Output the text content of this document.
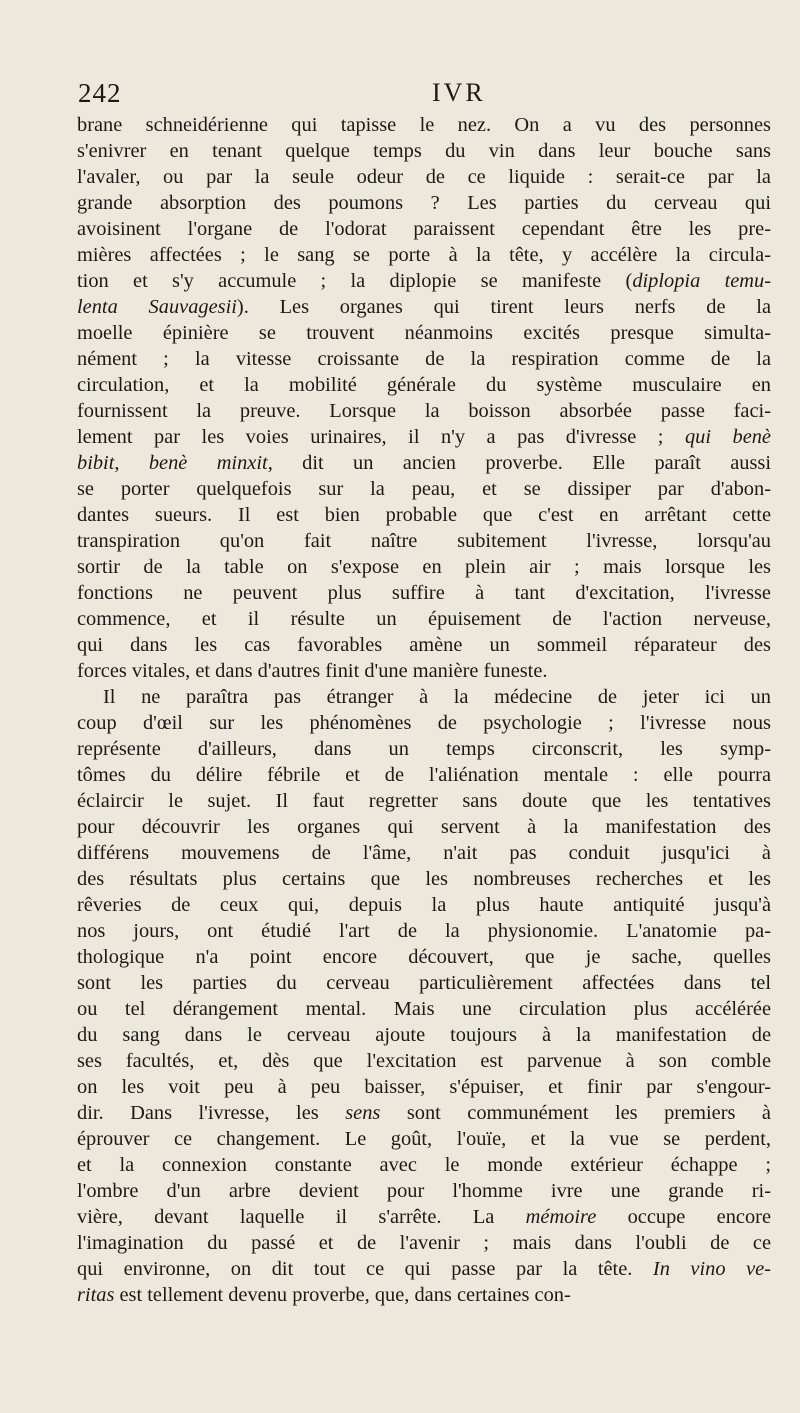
242	IVR
brane schneidérienne qui tapisse le nez. On a vu des personnes
s'enivrer en tenant quelque temps du vin dans leur bouche sans
l'avaler, ou par la seule odeur de ce liquide : serait-ce par la
grande absorption des poumons ? Les parties du cerveau qui
avoisinent l'organe de l'odorat paraissent cependant être les pre-
mières affectées ; le sang se porte à la tête, y accélère la circula-
tion et s'y accumule ; la diplopie se manifeste (diplopia temu-
lenta Sauvagesii). Les organes qui tirent leurs nerfs de la
moelle épinière se trouvent néanmoins excités presque simulta-
nément ; la vitesse croissante de la respiration comme de la
circulation, et la mobilité générale du système musculaire en
fournissent la preuve. Lorsque la boisson absorbée passe faci-
lement par les voies urinaires, il n'y a pas d'ivresse ; qui benè
bibit, benè minxit, dit un ancien proverbe. Elle paraît aussi
se porter quelquefois sur la peau, et se dissiper par d'abon-
dantes sueurs. Il est bien probable que c'est en arrêtant cette
transpiration qu'on fait naître subitement l'ivresse, lorsqu'au
sortir de la table on s'expose en plein air ; mais lorsque les
fonctions ne peuvent plus suffire à tant d'excitation, l'ivresse
commence, et il résulte un épuisement de l'action nerveuse,
qui dans les cas favorables amène un sommeil réparateur des
forces vitales, et dans d'autres finit d'une manière funeste.
Il ne paraîtra pas étranger à la médecine de jeter ici un
coup d'œil sur les phénomènes de psychologie ; l'ivresse nous
représente d'ailleurs, dans un temps circonscrit, les symp-
tômes du délire fébrile et de l'aliénation mentale : elle pourra
éclaircir le sujet. Il faut regretter sans doute que les tentatives
pour découvrir les organes qui servent à la manifestation des
différens mouvemens de l'âme, n'ait pas conduit jusqu'ici à
des résultats plus certains que les nombreuses recherches et les
rêveries de ceux qui, depuis la plus haute antiquité jusqu'à
nos jours, ont étudié l'art de la physionomie. L'anatomie pa-
thologique n'a point encore découvert, que je sache, quelles
sont les parties du cerveau particulièrement affectées dans tel
ou tel dérangement mental. Mais une circulation plus accélérée
du sang dans le cerveau ajoute toujours à la manifestation de
ses facultés, et, dès que l'excitation est parvenue à son comble
on les voit peu à peu baisser, s'épuiser, et finir par s'engour-
dir. Dans l'ivresse, les sens sont communément les premiers à
éprouver ce changement. Le goût, l'ouïe, et la vue se perdent,
et la connexion constante avec le monde extérieur échappe ;
l'ombre d'un arbre devient pour l'homme ivre une grande ri-
vière, devant laquelle il s'arrête. La mémoire occupe encore
l'imagination du passé et de l'avenir ; mais dans l'oubli de ce
qui environne, on dit tout ce qui passe par la tête. In vino ve-
ritas est tellement devenu proverbe, que, dans certaines con-
